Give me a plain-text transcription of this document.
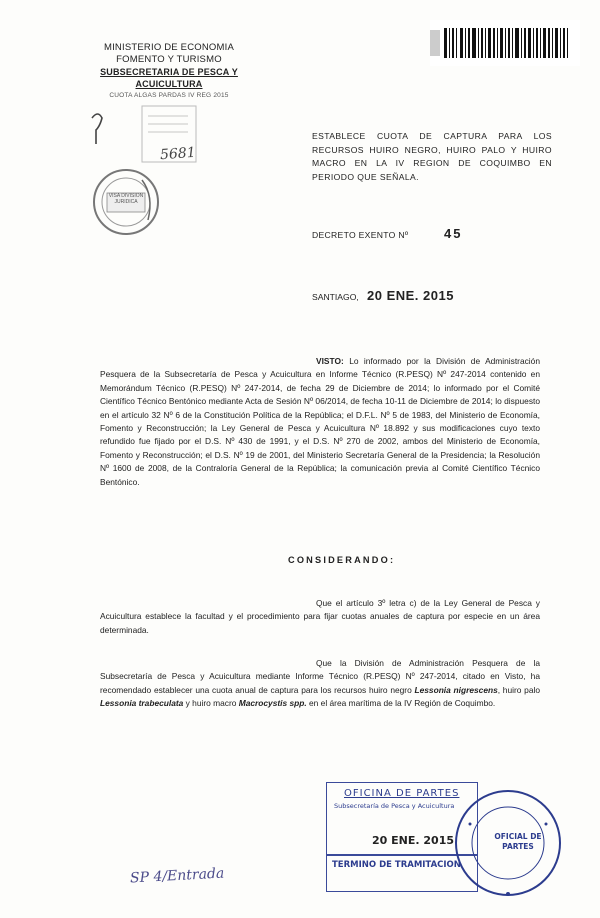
MINISTERIO DE ECONOMIA
FOMENTO Y TURISMO
SUBSECRETARIA DE PESCA Y ACUICULTURA
CUOTA ALGAS PARDAS IV REG 2015
5681
VISA DIVISION JURIDICA
ESTABLECE CUOTA DE CAPTURA PARA LOS RECURSOS HUIRO NEGRO, HUIRO PALO Y HUIRO MACRO EN LA IV REGION DE COQUIMBO EN PERIODO QUE SEÑALA.
DECRETO EXENTO Nº	45
SANTIAGO, 20 ENE. 2015
VISTO: Lo informado por la División de Administración Pesquera de la Subsecretaría de Pesca y Acuicultura en Informe Técnico (R.PESQ) Nº 247-2014 contenido en Memorándum Técnico (R.PESQ) Nº 247-2014, de fecha 29 de Diciembre de 2014; lo informado por el Comité Científico Técnico Bentónico mediante Acta de Sesión Nº 06/2014, de fecha 10-11 de Diciembre de 2014; lo dispuesto en el artículo 32 Nº 6 de la Constitución Política de la República; el D.F.L. Nº 5 de 1983, del Ministerio de Economía, Fomento y Reconstrucción; la Ley General de Pesca y Acuicultura Nº 18.892 y sus modificaciones cuyo texto refundido fue fijado por el D.S. Nº 430 de 1991, y el D.S. Nº 270 de 2002, ambos del Ministerio de Economía, Fomento y Reconstrucción; el D.S. Nº 19 de 2001, del Ministerio Secretaría General de la Presidencia; la Resolución Nº 1600 de 2008, de la Contraloría General de la República; la comunicación previa al Comité Científico Técnico Bentónico.
CONSIDERANDO:
Que el artículo 3º letra c) de la Ley General de Pesca y Acuicultura establece la facultad y el procedimiento para fijar cuotas anuales de captura por especie en un área determinada.
Que la División de Administración Pesquera de la Subsecretaría de Pesca y Acuicultura mediante Informe Técnico (R.PESQ) Nº 247-2014, citado en Visto, ha recomendado establecer una cuota anual de captura para los recursos huiro negro Lessonia nigrescens, huiro palo Lessonia trabeculata y huiro macro Macrocystis spp. en el área marítima de la IV Región de Coquimbo.
OFICINA DE PARTES
Subsecretaría de Pesca y Acuicultura
20 ENE. 2015
TERMINO DE TRAMITACION
OFICIAL DE PARTES
SP 4/Entrada
